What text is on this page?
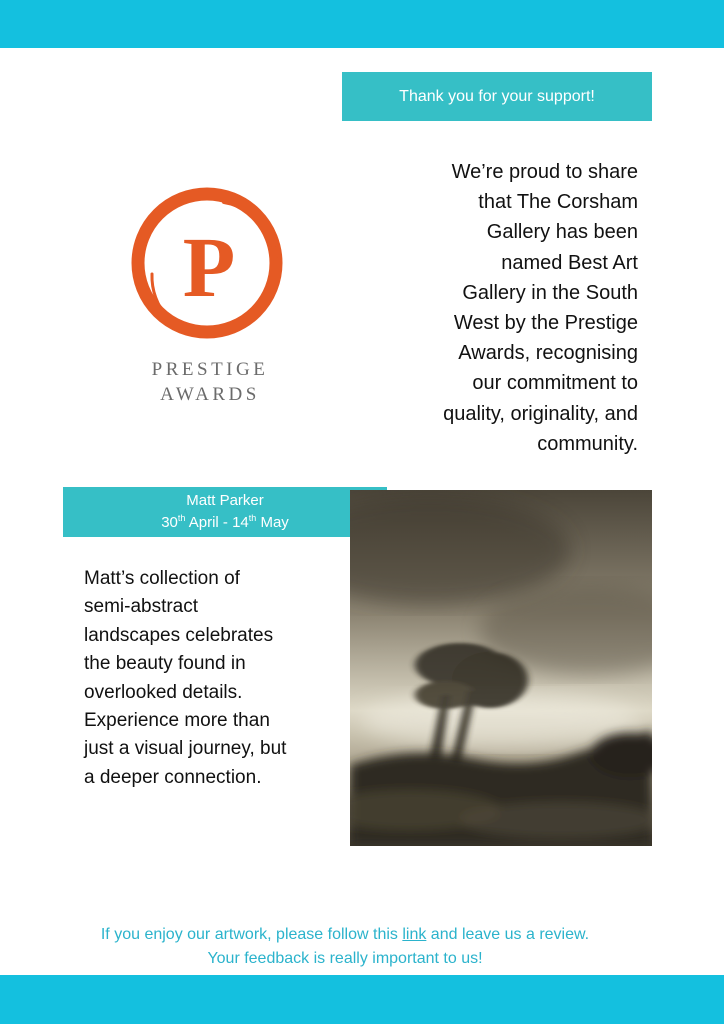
Thank you for your support!
P
PRESTIGE
AWARDS
We’re proud to share
that The Corsham
Gallery has been
named Best Art
Gallery in the South
West by the Prestige
Awards, recognising
our commitment to
quality, originality, and
community.
Matt Parker
30th April - 14th May
Matt’s collection of
semi-abstract
landscapes celebrates
the beauty found in
overlooked details.
Experience more than
just a visual journey, but
a deeper connection.
If you enjoy our artwork, please follow this link and leave us a review.
Your feedback is really important to us!
